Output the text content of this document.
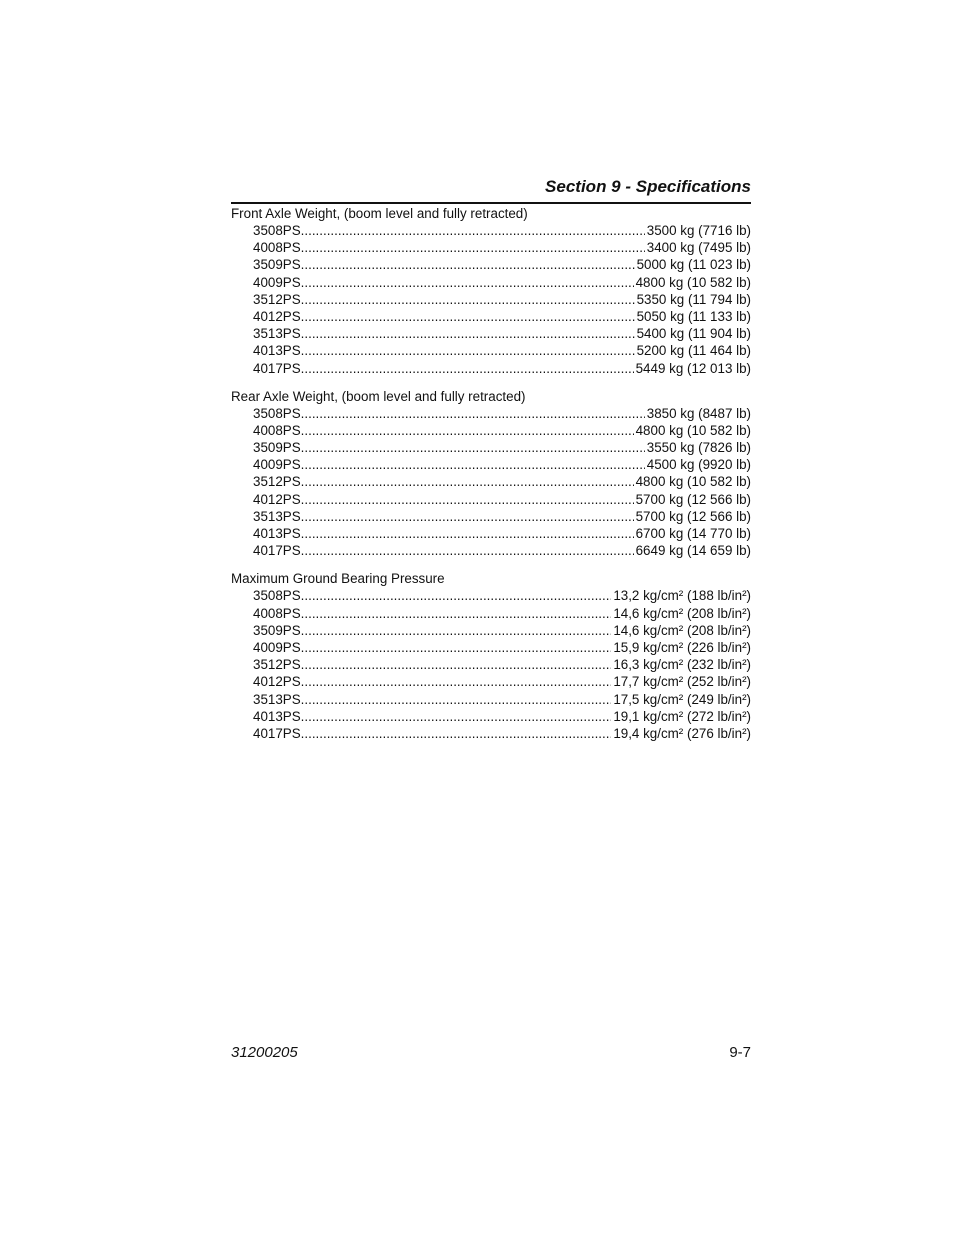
Section 9 - Specifications
Front Axle Weight, (boom level and fully retracted)
3508PS .....	3500 kg (7716 lb)
4008PS .....	3400 kg (7495 lb)
3509PS .....	5000 kg (11 023 lb)
4009PS .....	4800 kg (10 582 lb)
3512PS .....	5350 kg (11 794 lb)
4012PS .....	5050 kg (11 133 lb)
3513PS .....	5400 kg (11 904 lb)
4013PS .....	5200 kg (11 464 lb)
4017PS .....	5449 kg (12 013 lb)
Rear Axle Weight, (boom level and fully retracted)
3508PS .....	3850 kg (8487 lb)
4008PS .....	4800 kg (10 582 lb)
3509PS .....	3550 kg (7826 lb)
4009PS .....	4500 kg (9920 lb)
3512PS .....	4800 kg (10 582 lb)
4012PS .....	5700 kg (12 566 lb)
3513PS .....	5700 kg (12 566 lb)
4013PS .....	6700 kg (14 770 lb)
4017PS .....	6649 kg (14 659 lb)
Maximum Ground Bearing Pressure
3508PS .....	13,2 kg/cm² (188 lb/in²)
4008PS .....	14,6 kg/cm² (208 lb/in²)
3509PS .....	14,6 kg/cm² (208 lb/in²)
4009PS .....	15,9 kg/cm² (226 lb/in²)
3512PS .....	16,3 kg/cm² (232 lb/in²)
4012PS .....	17,7 kg/cm² (252 lb/in²)
3513PS .....	17,5 kg/cm² (249 lb/in²)
4013PS .....	19,1 kg/cm² (272 lb/in²)
4017PS .....	19,4 kg/cm² (276 lb/in²)
31200205	9-7
